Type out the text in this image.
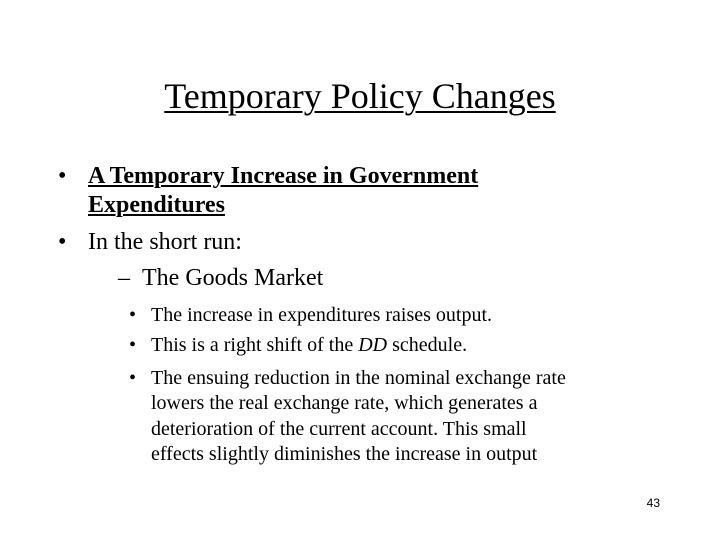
Temporary Policy Changes
• A Temporary Increase in Government
Expenditures
• In the short run:
– The Goods Market
• The increase in expenditures raises output.
• This is a right shift of the DD schedule.
• The ensuing reduction in the nominal exchange rate
lowers the real exchange rate, which generates a
deterioration of the current account. This small
effects slightly diminishes the increase in output
43
